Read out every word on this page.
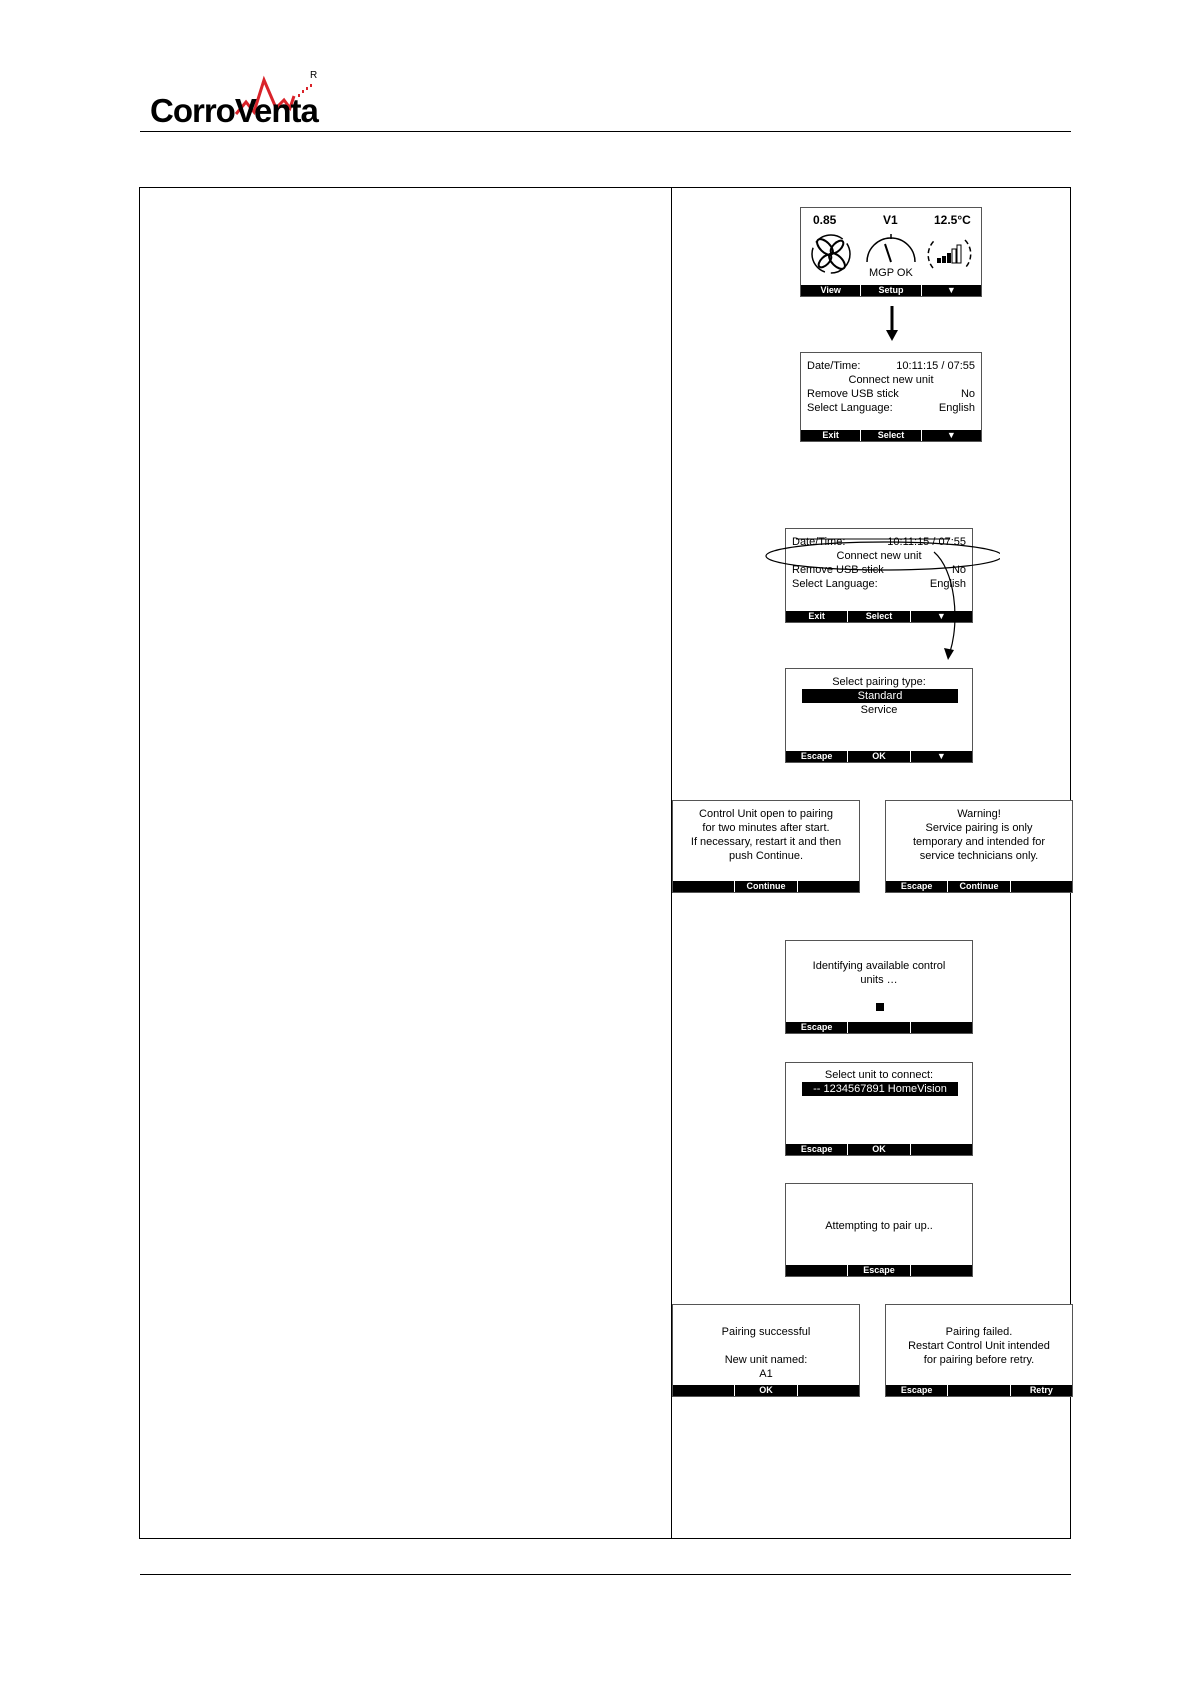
CorroVenta
R
0.85	V1	12.5°C
MGP OK
View	Setup	▼
Date/Time:	10:11:15 / 07:55
Connect new unit
Remove USB stick	No
Select Language:	English
Exit	Select	▼
Date/Time:	10:11:15 / 07:55
Connect new unit
Remove USB stick	No
Select Language:	English
Exit	Select	▼
Select pairing type:
Standard
Service
Escape	OK	▼
Control Unit open to pairing
for two minutes after start.
If necessary, restart it and then
push Continue.
Continue
Warning!
Service pairing is only
temporary and intended for
service technicians only.
Escape	Continue
Identifying available control
units …
Escape
Select unit to connect:
-- 1234567891 HomeVision
Escape	OK
Attempting to pair up..
Escape
Pairing successful
New unit named:
A1
OK
Pairing failed.
Restart Control Unit intended
for pairing before retry.
Escape	Retry
